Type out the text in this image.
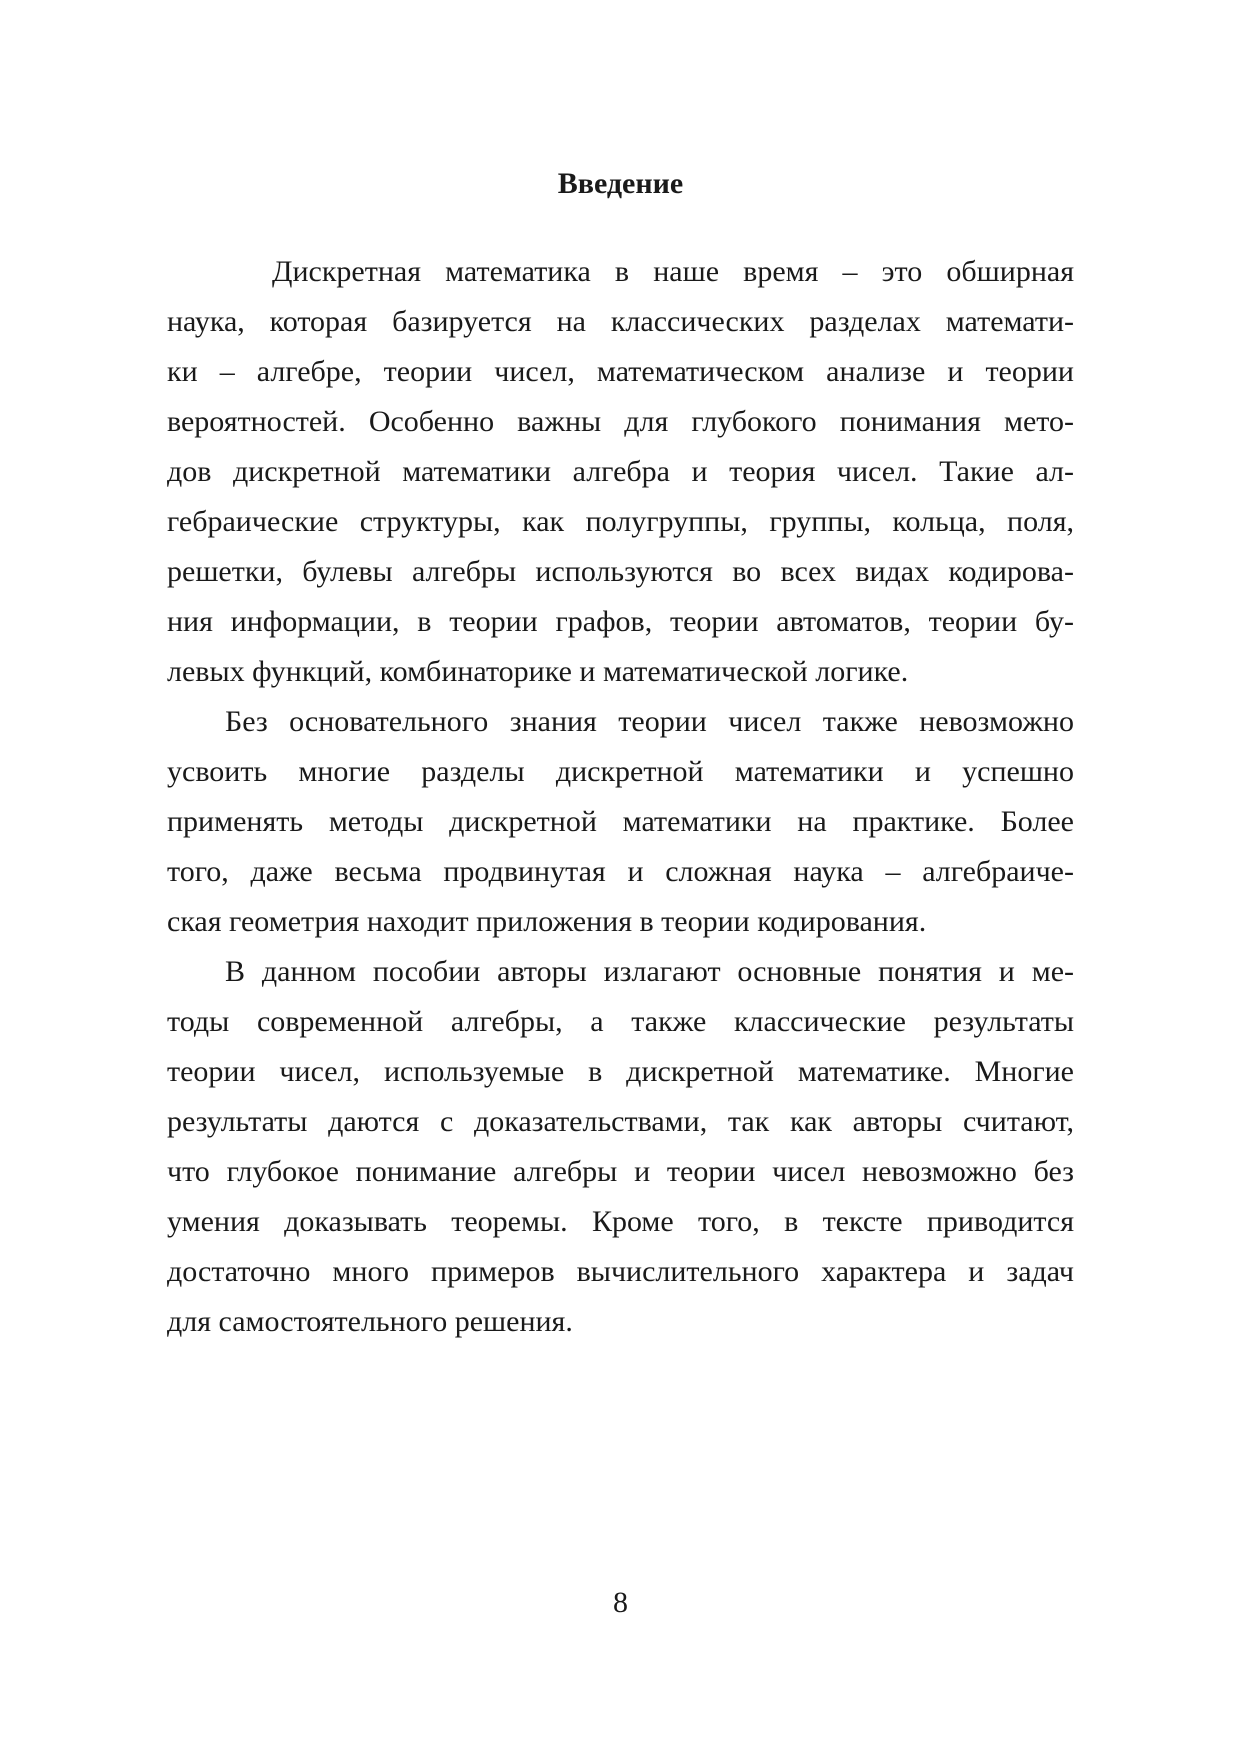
Введение
Дискретная математика в наше время – это обширная
наука, которая базируется на классических разделах математи-
ки – алгебре, теории чисел, математическом анализе и теории
вероятностей. Особенно важны для глубокого понимания мето-
дов дискретной математики алгебра и теория чисел. Такие ал-
гебраические структуры, как полугруппы, группы, кольца, поля,
решетки, булевы алгебры используются во всех видах кодирова-
ния информации, в теории графов, теории автоматов, теории бу-
левых функций, комбинаторике и математической логике.
Без основательного знания теории чисел также невозможно
усвоить многие разделы дискретной математики и успешно
применять методы дискретной математики на практике. Более
того, даже весьма продвинутая и сложная наука – алгебраиче-
ская геометрия находит приложения в теории кодирования.
В данном пособии авторы излагают основные понятия и ме-
тоды современной алгебры, а также классические результаты
теории чисел, используемые в дискретной математике. Многие
результаты даются с доказательствами, так как авторы считают,
что глубокое понимание алгебры и теории чисел невозможно без
умения доказывать теоремы. Кроме того, в тексте приводится
достаточно много примеров вычислительного характера и задач
для самостоятельного решения.
8
